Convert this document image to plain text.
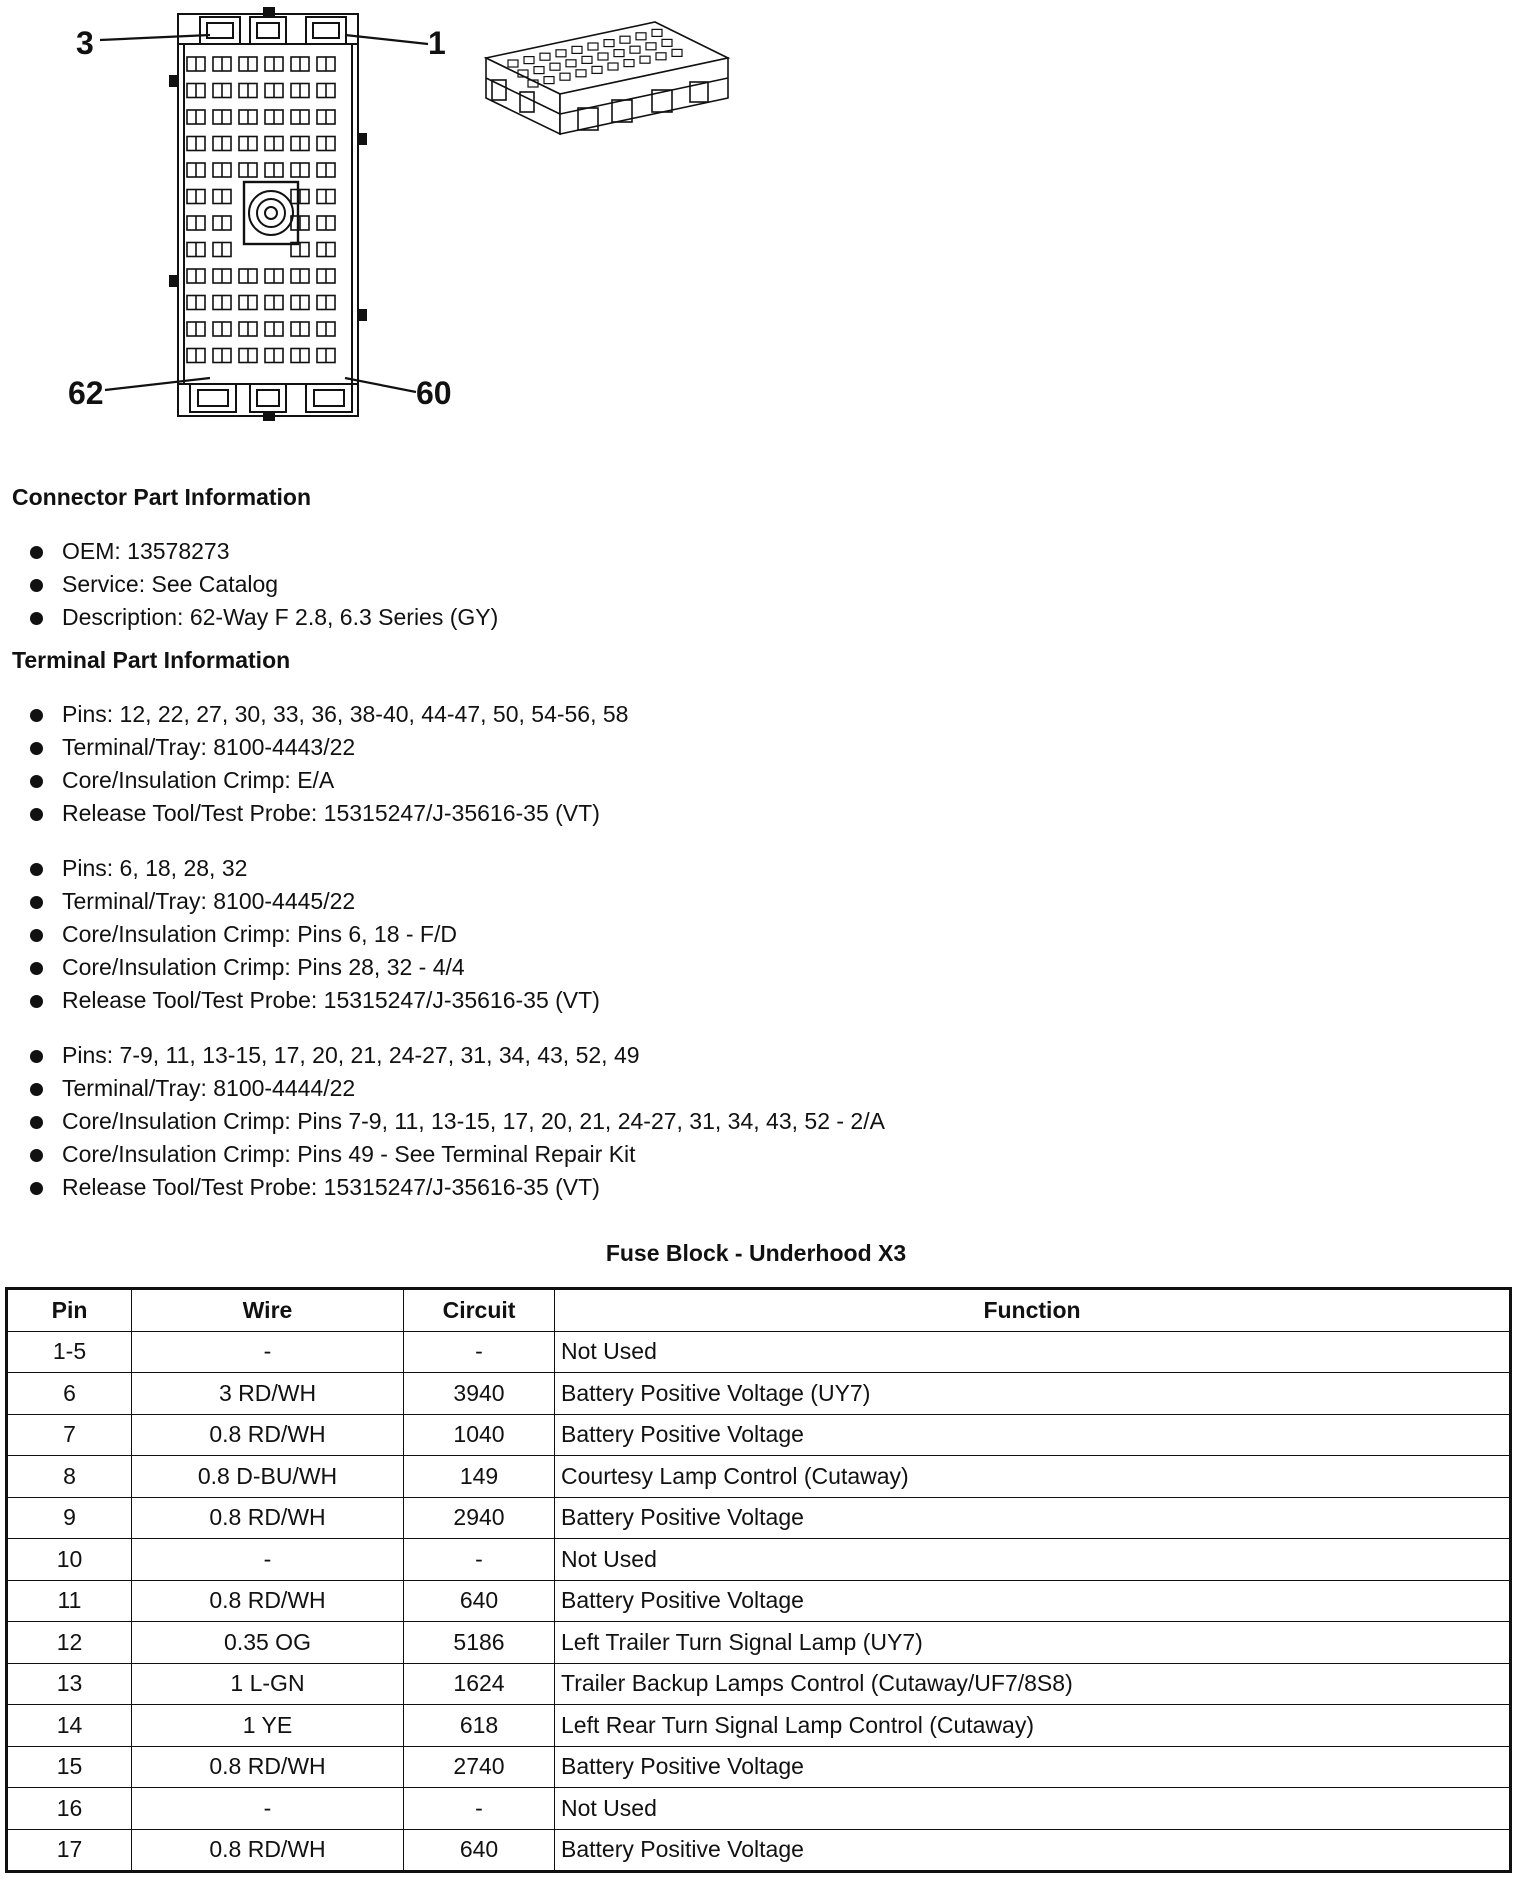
3	1
62	60
Connector Part Information
OEM: 13578273
Service: See Catalog
Description: 62-Way F 2.8, 6.3 Series (GY)
Terminal Part Information
Pins: 12, 22, 27, 30, 33, 36, 38-40, 44-47, 50, 54-56, 58
Terminal/Tray: 8100-4443/22
Core/Insulation Crimp: E/A
Release Tool/Test Probe: 15315247/J-35616-35 (VT)
Pins: 6, 18, 28, 32
Terminal/Tray: 8100-4445/22
Core/Insulation Crimp: Pins 6, 18 - F/D
Core/Insulation Crimp: Pins 28, 32 - 4/4
Release Tool/Test Probe: 15315247/J-35616-35 (VT)
Pins: 7-9, 11, 13-15, 17, 20, 21, 24-27, 31, 34, 43, 52, 49
Terminal/Tray: 8100-4444/22
Core/Insulation Crimp: Pins 7-9, 11, 13-15, 17, 20, 21, 24-27, 31, 34, 43, 52 - 2/A
Core/Insulation Crimp: Pins 49 - See Terminal Repair Kit
Release Tool/Test Probe: 15315247/J-35616-35 (VT)
Fuse Block - Underhood X3
Pin	Wire	Circuit	Function
1-5	-	-	Not Used
6	3 RD/WH	3940	Battery Positive Voltage (UY7)
7	0.8 RD/WH	1040	Battery Positive Voltage
8	0.8 D-BU/WH	149	Courtesy Lamp Control (Cutaway)
9	0.8 RD/WH	2940	Battery Positive Voltage
10	-	-	Not Used
11	0.8 RD/WH	640	Battery Positive Voltage
12	0.35 OG	5186	Left Trailer Turn Signal Lamp (UY7)
13	1 L-GN	1624	Trailer Backup Lamps Control (Cutaway/UF7/8S8)
14	1 YE	618	Left Rear Turn Signal Lamp Control (Cutaway)
15	0.8 RD/WH	2740	Battery Positive Voltage
16	-	-	Not Used
17	0.8 RD/WH	640	Battery Positive Voltage
